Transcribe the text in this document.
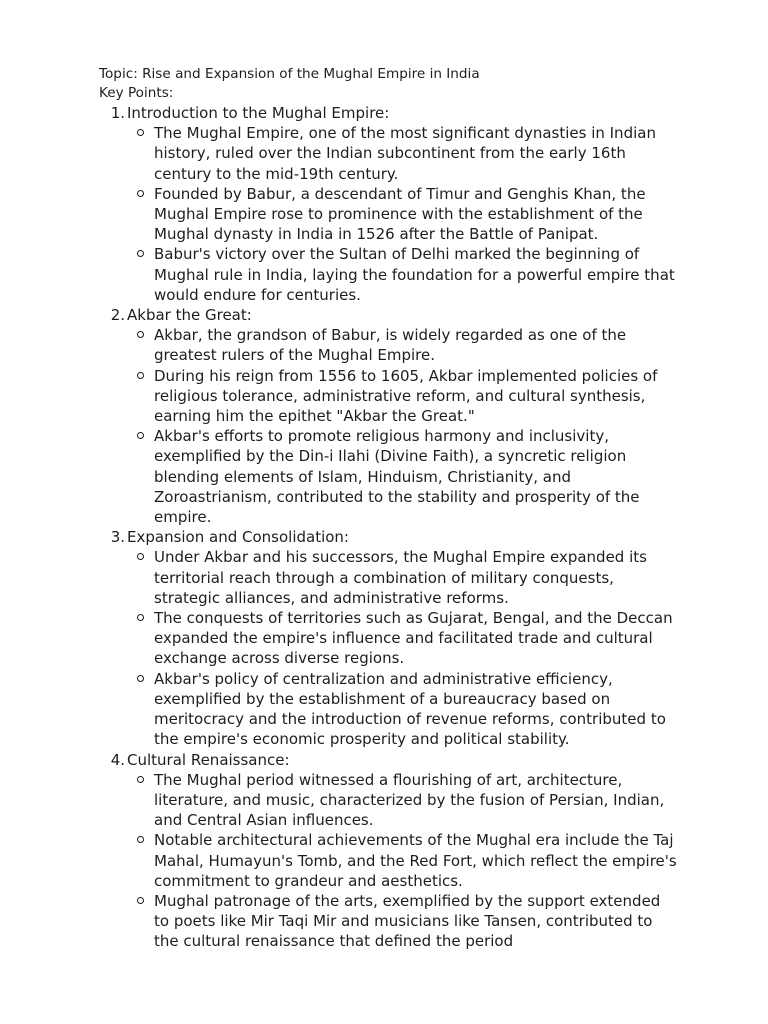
Topic: Rise and Expansion of the Mughal Empire in India
Key Points:
1. Introduction to the Mughal Empire:

The Mughal Empire, one of the most significant dynasties in Indian history, ruled over the Indian subcontinent from the early 16th century to the mid-19th century.

Founded by Babur, a descendant of Timur and Genghis Khan, the Mughal Empire rose to prominence with the establishment of the Mughal dynasty in India in 1526 after the Battle of Panipat.

Babur's victory over the Sultan of Delhi marked the beginning of Mughal rule in India, laying the foundation for a powerful empire that would endure for centuries.

2. Akbar the Great:

Akbar, the grandson of Babur, is widely regarded as one of the greatest rulers of the Mughal Empire.

During his reign from 1556 to 1605, Akbar implemented policies of religious tolerance, administrative reform, and cultural synthesis, earning him the epithet "Akbar the Great."

Akbar's efforts to promote religious harmony and inclusivity, exemplified by the Din-i Ilahi (Divine Faith), a syncretic religion blending elements of Islam, Hinduism, Christianity, and Zoroastrianism, contributed to the stability and prosperity of the empire.

3. Expansion and Consolidation:

Under Akbar and his successors, the Mughal Empire expanded its territorial reach through a combination of military conquests, strategic alliances, and administrative reforms.

The conquests of territories such as Gujarat, Bengal, and the Deccan expanded the empire's influence and facilitated trade and cultural exchange across diverse regions.

Akbar's policy of centralization and administrative efficiency, exemplified by the establishment of a bureaucracy based on meritocracy and the introduction of revenue reforms, contributed to the empire's economic prosperity and political stability.

4. Cultural Renaissance:

The Mughal period witnessed a flourishing of art, architecture, literature, and music, characterized by the fusion of Persian, Indian, and Central Asian influences.

Notable architectural achievements of the Mughal era include the Taj Mahal, Humayun's Tomb, and the Red Fort, which reflect the empire's commitment to grandeur and aesthetics.

Mughal patronage of the arts, exemplified by the support extended to poets like Mir Taqi Mir and musicians like Tansen, contributed to the cultural renaissance that defined the period
